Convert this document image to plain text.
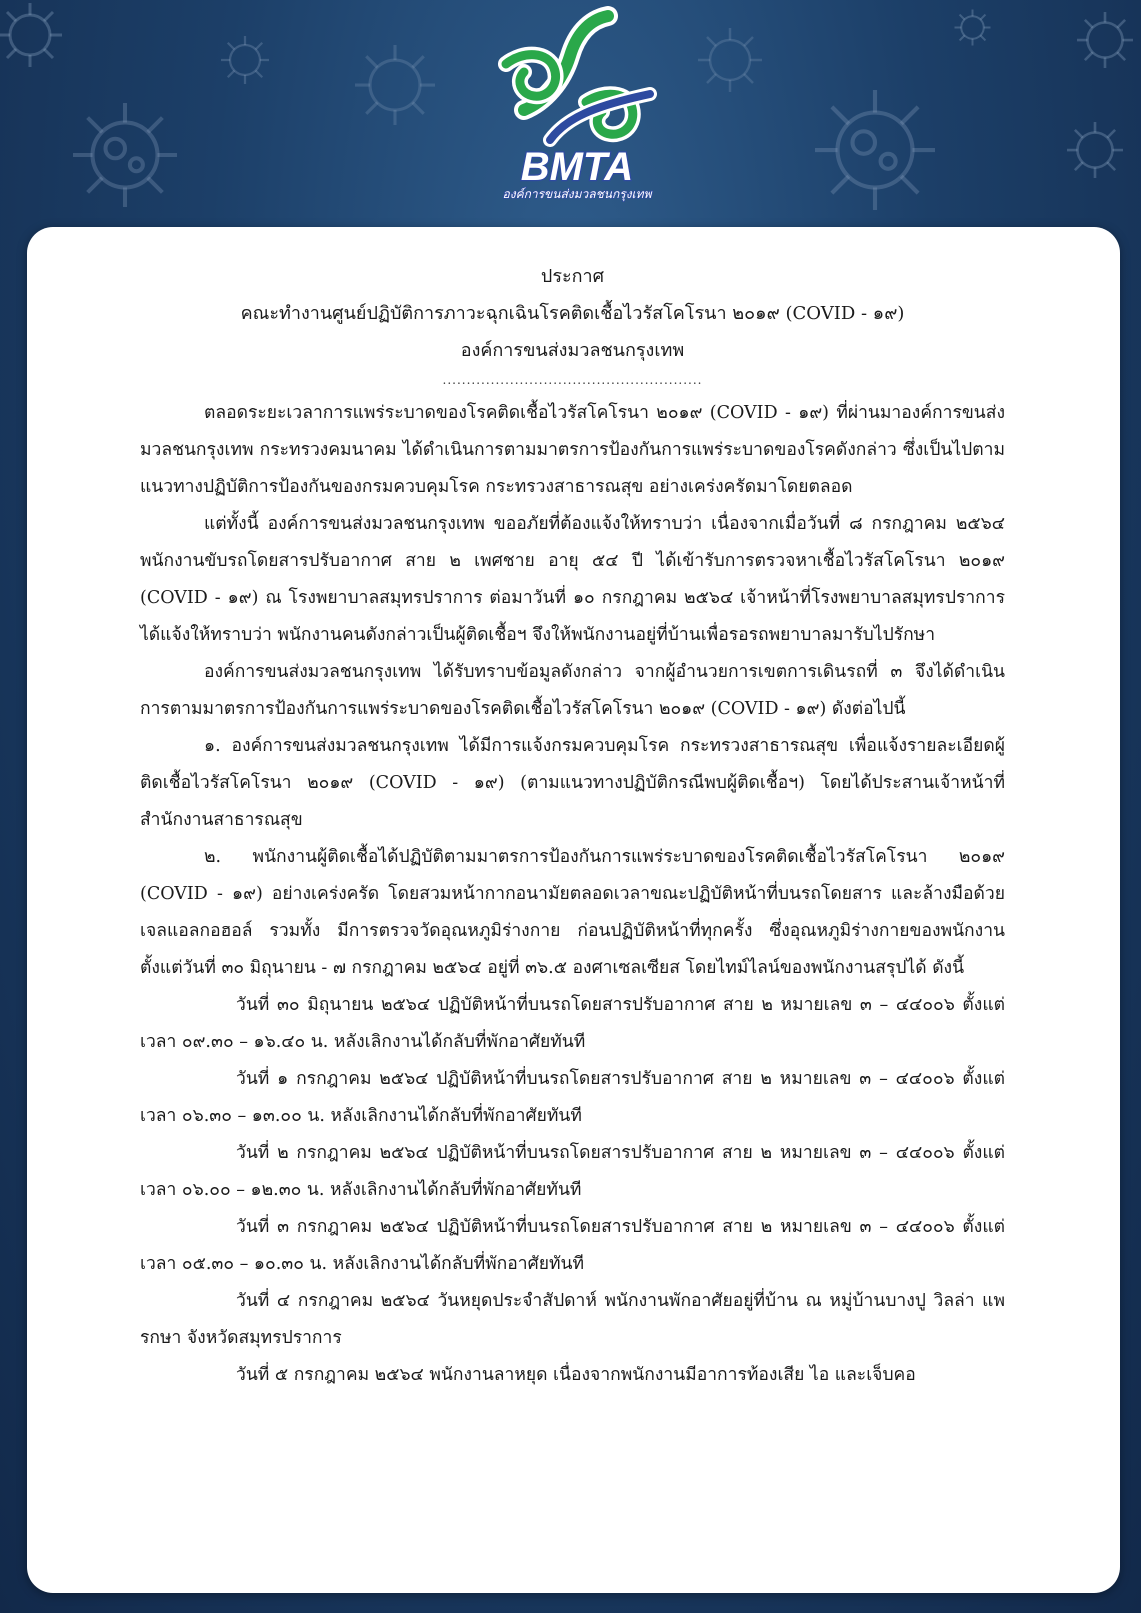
BMTA
องค์การขนส่งมวลชนกรุงเทพ
ประกาศ
คณะทำงานศูนย์ปฏิบัติการภาวะฉุกเฉินโรคติดเชื้อไวรัสโคโรนา ๒๐๑๙ (COVID - ๑๙)
องค์การขนส่งมวลชนกรุงเทพ
......................................................

ตลอดระยะเวลาการแพร่ระบาดของโรคติดเชื้อไวรัสโคโรนา ๒๐๑๙ (COVID - ๑๙) ที่ผ่านมาองค์การขนส่งมวลชนกรุงเทพ กระทรวงคมนาคม ได้ดำเนินการตามมาตรการป้องกันการแพร่ระบาดของโรคดังกล่าว ซึ่งเป็นไปตามแนวทางปฏิบัติการป้องกันของกรมควบคุมโรค กระทรวงสาธารณสุข อย่างเคร่งครัดมาโดยตลอด

แต่ทั้งนี้ องค์การขนส่งมวลชนกรุงเทพ ขออภัยที่ต้องแจ้งให้ทราบว่า เนื่องจากเมื่อวันที่ ๘ กรกฎาคม ๒๕๖๔ พนักงานขับรถโดยสารปรับอากาศ สาย ๒ เพศชาย อายุ ๕๔ ปี ได้เข้ารับการตรวจหาเชื้อไวรัสโคโรนา ๒๐๑๙ (COVID - ๑๙) ณ โรงพยาบาลสมุทรปราการ ต่อมาวันที่ ๑๐ กรกฎาคม ๒๕๖๔ เจ้าหน้าที่โรงพยาบาลสมุทรปราการ ได้แจ้งให้ทราบว่า พนักงานคนดังกล่าวเป็นผู้ติดเชื้อฯ จึงให้พนักงานอยู่ที่บ้านเพื่อรอรถพยาบาลมารับไปรักษา

องค์การขนส่งมวลชนกรุงเทพ ได้รับทราบข้อมูลดังกล่าว จากผู้อำนวยการเขตการเดินรถที่ ๓ จึงได้ดำเนินการตามมาตรการป้องกันการแพร่ระบาดของโรคติดเชื้อไวรัสโคโรนา ๒๐๑๙ (COVID - ๑๙) ดังต่อไปนี้

๑. องค์การขนส่งมวลชนกรุงเทพ ได้มีการแจ้งกรมควบคุมโรค กระทรวงสาธารณสุข เพื่อแจ้งรายละเอียดผู้ติดเชื้อไวรัสโคโรนา ๒๐๑๙ (COVID - ๑๙) (ตามแนวทางปฏิบัติกรณีพบผู้ติดเชื้อฯ) โดยได้ประสานเจ้าหน้าที่สำนักงานสาธารณสุข

๒. พนักงานผู้ติดเชื้อได้ปฏิบัติตามมาตรการป้องกันการแพร่ระบาดของโรคติดเชื้อไวรัสโคโรนา ๒๐๑๙ (COVID - ๑๙) อย่างเคร่งครัด โดยสวมหน้ากากอนามัยตลอดเวลาขณะปฏิบัติหน้าที่บนรถโดยสาร และล้างมือด้วยเจลแอลกอฮอล์ รวมทั้ง มีการตรวจวัดอุณหภูมิร่างกาย ก่อนปฏิบัติหน้าที่ทุกครั้ง ซึ่งอุณหภูมิร่างกายของพนักงาน ตั้งแต่วันที่ ๓๐ มิถุนายน - ๗ กรกฎาคม ๒๕๖๔ อยู่ที่ ๓๖.๕ องศาเซลเซียส โดยไทม์ไลน์ของพนักงานสรุปได้ ดังนี้

วันที่ ๓๐ มิถุนายน ๒๕๖๔ ปฏิบัติหน้าที่บนรถโดยสารปรับอากาศ สาย ๒ หมายเลข ๓ – ๔๔๐๐๖ ตั้งแต่เวลา ๐๙.๓๐ – ๑๖.๔๐ น. หลังเลิกงานได้กลับที่พักอาศัยทันที

วันที่ ๑ กรกฎาคม ๒๕๖๔ ปฏิบัติหน้าที่บนรถโดยสารปรับอากาศ สาย ๒ หมายเลข ๓ – ๔๔๐๐๖ ตั้งแต่เวลา ๐๖.๓๐ – ๑๓.๐๐ น. หลังเลิกงานได้กลับที่พักอาศัยทันที

วันที่ ๒ กรกฎาคม ๒๕๖๔ ปฏิบัติหน้าที่บนรถโดยสารปรับอากาศ สาย ๒ หมายเลข ๓ – ๔๔๐๐๖ ตั้งแต่เวลา ๐๖.๐๐ – ๑๒.๓๐ น. หลังเลิกงานได้กลับที่พักอาศัยทันที

วันที่ ๓ กรกฎาคม ๒๕๖๔ ปฏิบัติหน้าที่บนรถโดยสารปรับอากาศ สาย ๒ หมายเลข ๓ – ๔๔๐๐๖ ตั้งแต่เวลา ๐๕.๓๐ – ๑๐.๓๐ น. หลังเลิกงานได้กลับที่พักอาศัยทันที

วันที่ ๔ กรกฎาคม ๒๕๖๔ วันหยุดประจำสัปดาห์ พนักงานพักอาศัยอยู่ที่บ้าน ณ หมู่บ้านบางปู วิลล่า แพรกษา จังหวัดสมุทรปราการ

วันที่ ๕ กรกฎาคม ๒๕๖๔ พนักงานลาหยุด เนื่องจากพนักงานมีอาการท้องเสีย ไอ และเจ็บคอ
